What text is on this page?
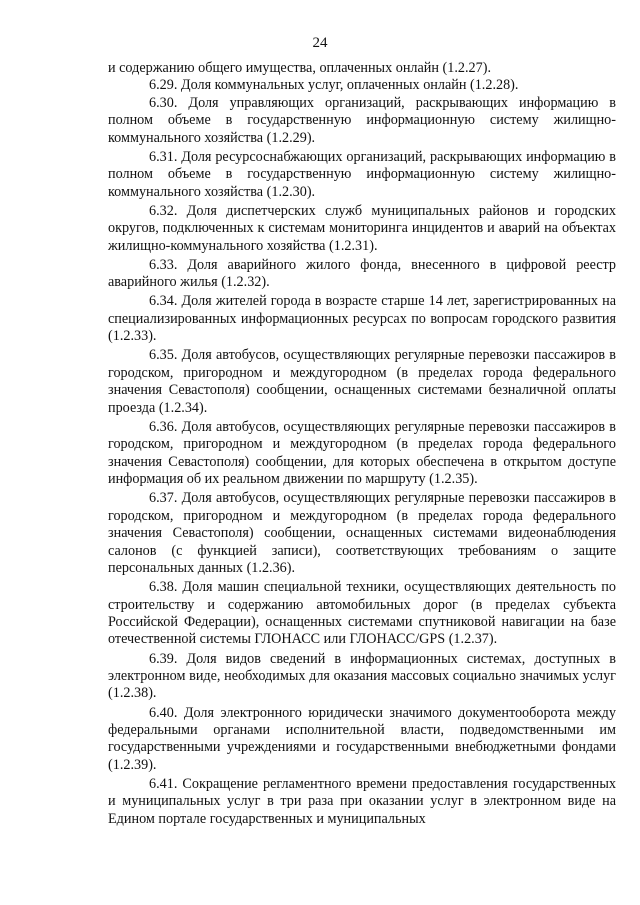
24

и содержанию общего имущества, оплаченных онлайн (1.2.27).

6.29. Доля коммунальных услуг, оплаченных онлайн (1.2.28).

6.30. Доля управляющих организаций, раскрывающих информацию в полном объеме в государственную информационную систему жилищно-коммунального хозяйства (1.2.29).

6.31. Доля ресурсоснабжающих организаций, раскрывающих информацию в полном объеме в государственную информационную систему жилищно-коммунального хозяйства (1.2.30).

6.32. Доля диспетчерских служб муниципальных районов и городских округов, подключенных к системам мониторинга инцидентов и аварий на объектах жилищно-коммунального хозяйства (1.2.31).

6.33. Доля аварийного жилого фонда, внесенного в цифровой реестр аварийного жилья (1.2.32).

6.34. Доля жителей города в возрасте старше 14 лет, зарегистрированных на специализированных информационных ресурсах по вопросам городского развития (1.2.33).

6.35. Доля автобусов, осуществляющих регулярные перевозки пассажиров в городском, пригородном и междугородном (в пределах города федерального значения Севастополя) сообщении, оснащенных системами безналичной оплаты проезда (1.2.34).

6.36. Доля автобусов, осуществляющих регулярные перевозки пассажиров в городском, пригородном и междугородном (в пределах города федерального значения Севастополя) сообщении, для которых обеспечена в открытом доступе информация об их реальном движении по маршруту (1.2.35).

6.37. Доля автобусов, осуществляющих регулярные перевозки пассажиров в городском, пригородном и междугородном (в пределах города федерального значения Севастополя) сообщении, оснащенных системами видеонаблюдения салонов (с функцией записи), соответствующих требованиям о защите персональных данных (1.2.36).

6.38. Доля машин специальной техники, осуществляющих деятельность по строительству и содержанию автомобильных дорог (в пределах субъекта Российской Федерации), оснащенных системами спутниковой навигации на базе отечественной системы ГЛОНАСС или ГЛОНАСС/GPS (1.2.37).

6.39. Доля видов сведений в информационных системах, доступных в электронном виде, необходимых для оказания массовых социально значимых услуг (1.2.38).

6.40. Доля электронного юридически значимого документооборота между федеральными органами исполнительной власти, подведомственными им государственными учреждениями и государственными внебюджетными фондами (1.2.39).

6.41. Сокращение регламентного времени предоставления государственных и муниципальных услуг в три раза при оказании услуг в электронном виде на Едином портале государственных и муниципальных
